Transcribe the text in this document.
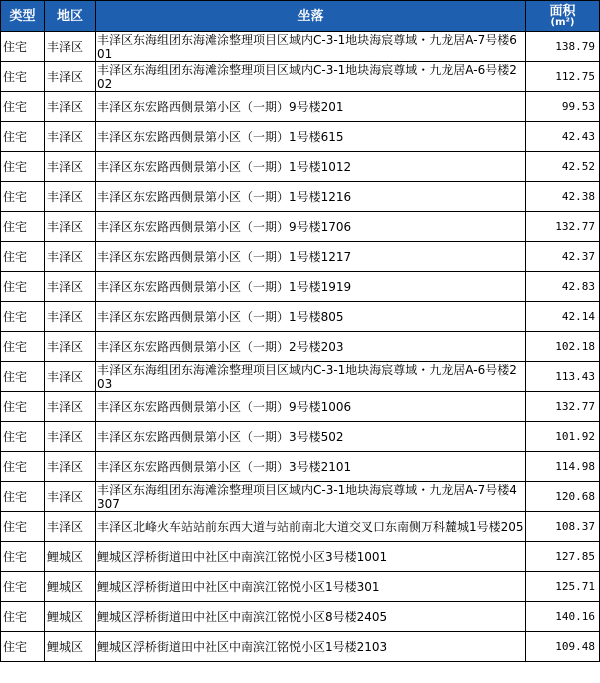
类型	地区	坐落	面积
(m²)

住宅	丰泽区	丰泽区东海组团东海滩涂整理项目区域内C-3-1地块海宸尊域・九龙居A-7号楼601	138.79
住宅	丰泽区	丰泽区东海组团东海滩涂整理项目区域内C-3-1地块海宸尊域・九龙居A-6号楼202	112.75
住宅	丰泽区	丰泽区东宏路西侧景第小区（一期）9号楼201	99.53
住宅	丰泽区	丰泽区东宏路西侧景第小区（一期）1号楼615	42.43
住宅	丰泽区	丰泽区东宏路西侧景第小区（一期）1号楼1012	42.52
住宅	丰泽区	丰泽区东宏路西侧景第小区（一期）1号楼1216	42.38
住宅	丰泽区	丰泽区东宏路西侧景第小区（一期）9号楼1706	132.77
住宅	丰泽区	丰泽区东宏路西侧景第小区（一期）1号楼1217	42.37
住宅	丰泽区	丰泽区东宏路西侧景第小区（一期）1号楼1919	42.83
住宅	丰泽区	丰泽区东宏路西侧景第小区（一期）1号楼805	42.14
住宅	丰泽区	丰泽区东宏路西侧景第小区（一期）2号楼203	102.18
住宅	丰泽区	丰泽区东海组团东海滩涂整理项目区域内C-3-1地块海宸尊域・九龙居A-6号楼203	113.43
住宅	丰泽区	丰泽区东宏路西侧景第小区（一期）9号楼1006	132.77
住宅	丰泽区	丰泽区东宏路西侧景第小区（一期）3号楼502	101.92
住宅	丰泽区	丰泽区东宏路西侧景第小区（一期）3号楼2101	114.98
住宅	丰泽区	丰泽区东海组团东海滩涂整理项目区域内C-3-1地块海宸尊域・九龙居A-7号楼4307	120.68
住宅	丰泽区	丰泽区北峰火车站站前东西大道与站前南北大道交叉口东南侧万科麓城1号楼205	108.37
住宅	鲤城区	鲤城区浮桥街道田中社区中南滨江铭悦小区3号楼1001	127.85
住宅	鲤城区	鲤城区浮桥街道田中社区中南滨江铭悦小区1号楼301	125.71
住宅	鲤城区	鲤城区浮桥街道田中社区中南滨江铭悦小区8号楼2405	140.16
住宅	鲤城区	鲤城区浮桥街道田中社区中南滨江铭悦小区1号楼2103	109.48
